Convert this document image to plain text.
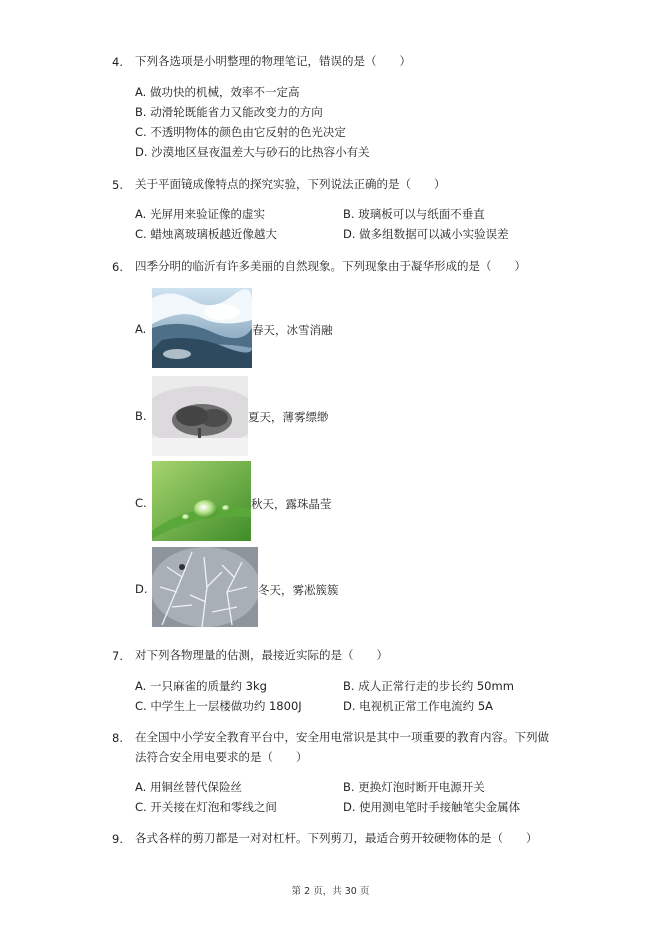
4. 下列各选项是小明整理的物理笔记，错误的是（　　）
A. 做功快的机械，效率不一定高
B. 动滑轮既能省力又能改变力的方向
C. 不透明物体的颜色由它反射的色光决定
D. 沙漠地区昼夜温差大与砂石的比热容小有关
5. 关于平面镜成像特点的探究实验，下列说法正确的是（　　）
A. 光屏用来验证像的虚实	B. 玻璃板可以与纸面不垂直
C. 蜡烛离玻璃板越近像越大	D. 做多组数据可以减小实验误差
6. 四季分明的临沂有许多美丽的自然现象。下列现象由于凝华形成的是（　　）
A.	春天，冰雪消融
B.	夏天，薄雾缥缈
C.	秋天，露珠晶莹
D.	冬天，雾凇簇簇
7. 对下列各物理量的估测，最接近实际的是（　　）
A. 一只麻雀的质量约 3kg	B. 成人正常行走的步长约 50mm
C. 中学生上一层楼做功约 1800J	D. 电视机正常工作电流约 5A
8. 在全国中小学安全教育平台中，安全用电常识是其中一项重要的教育内容。下列做
法符合安全用电要求的是（　　）
A. 用铜丝替代保险丝	B. 更换灯泡时断开电源开关
C. 开关接在灯泡和零线之间	D. 使用测电笔时手接触笔尖金属体
9. 各式各样的剪刀都是一对对杠杆。下列剪刀，最适合剪开较硬物体的是（　　）
第 2 页，共 30 页
